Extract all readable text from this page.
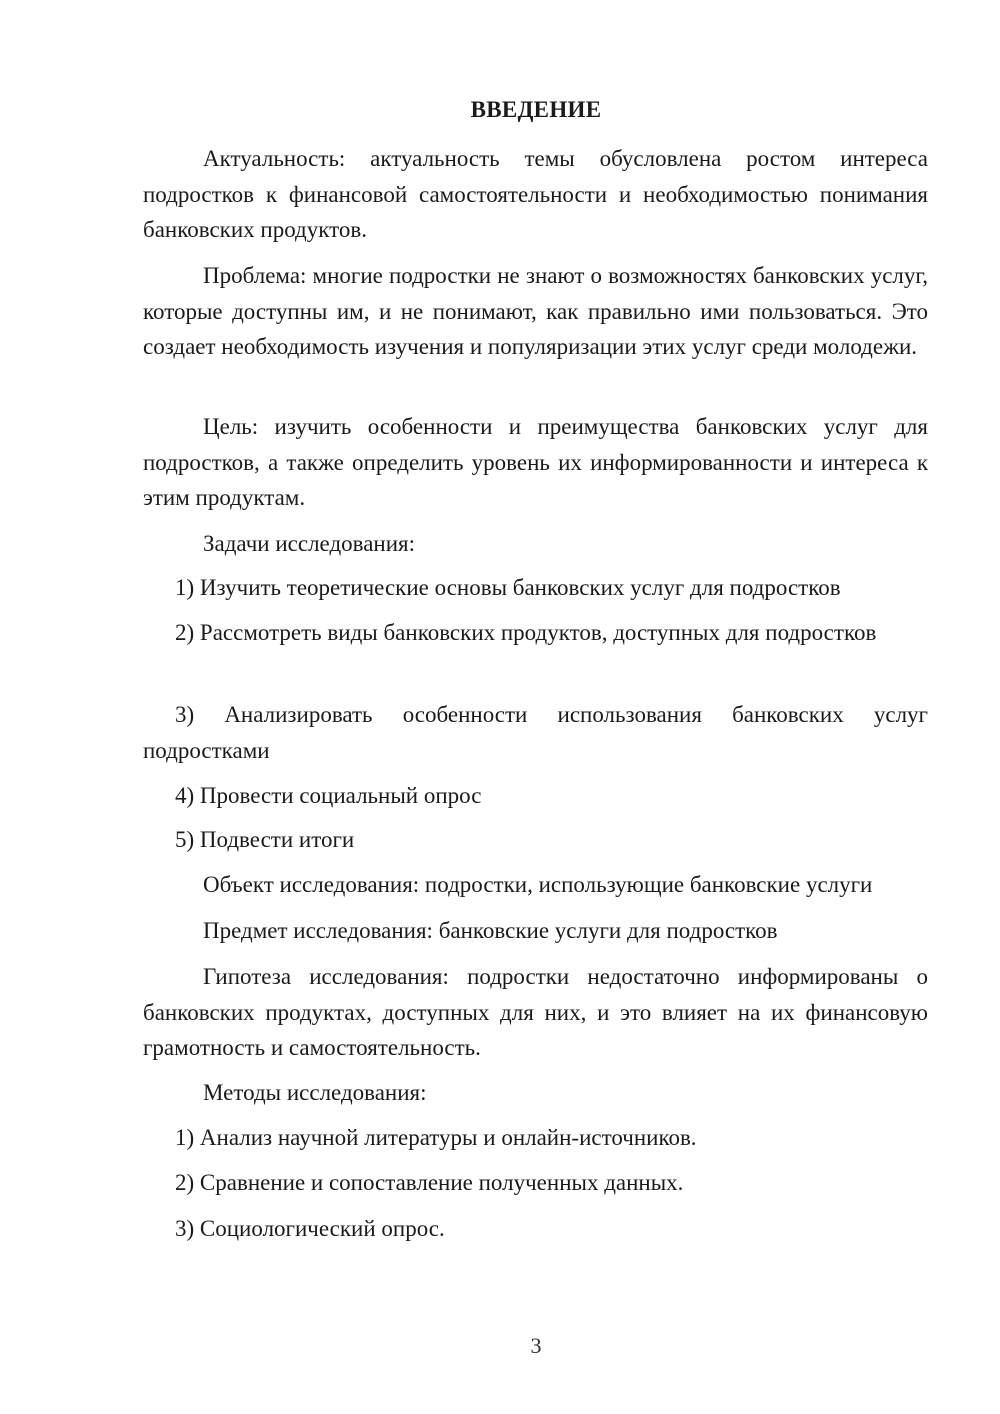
ВВЕДЕНИЕ
Актуальность: актуальность темы обусловлена ростом интереса подростков к финансовой самостоятельности и необходимостью понимания банковских продуктов.
Проблема: многие подростки не знают о возможностях банковских услуг, которые доступны им, и не понимают, как правильно ими пользоваться. Это создает необходимость изучения и популяризации этих услуг среди молодежи.
Цель: изучить особенности и преимущества банковских услуг для подростков, а также определить уровень их информированности и интереса к этим продуктам.
Задачи исследования:
1) Изучить теоретические основы банковских услуг для подростков
2) Рассмотреть виды банковских продуктов, доступных для подростков
3) Анализировать особенности использования банковских услуг подростками
4) Провести социальный опрос
5) Подвести итоги
Объект исследования: подростки, использующие банковские услуги
Предмет исследования: банковские услуги для подростков
Гипотеза исследования: подростки недостаточно информированы о банковских продуктах, доступных для них, и это влияет на их финансовую грамотность и самостоятельность.
Методы исследования:
1) Анализ научной литературы и онлайн-источников.
2) Сравнение и сопоставление полученных данных.
3) Социологический опрос.
3
